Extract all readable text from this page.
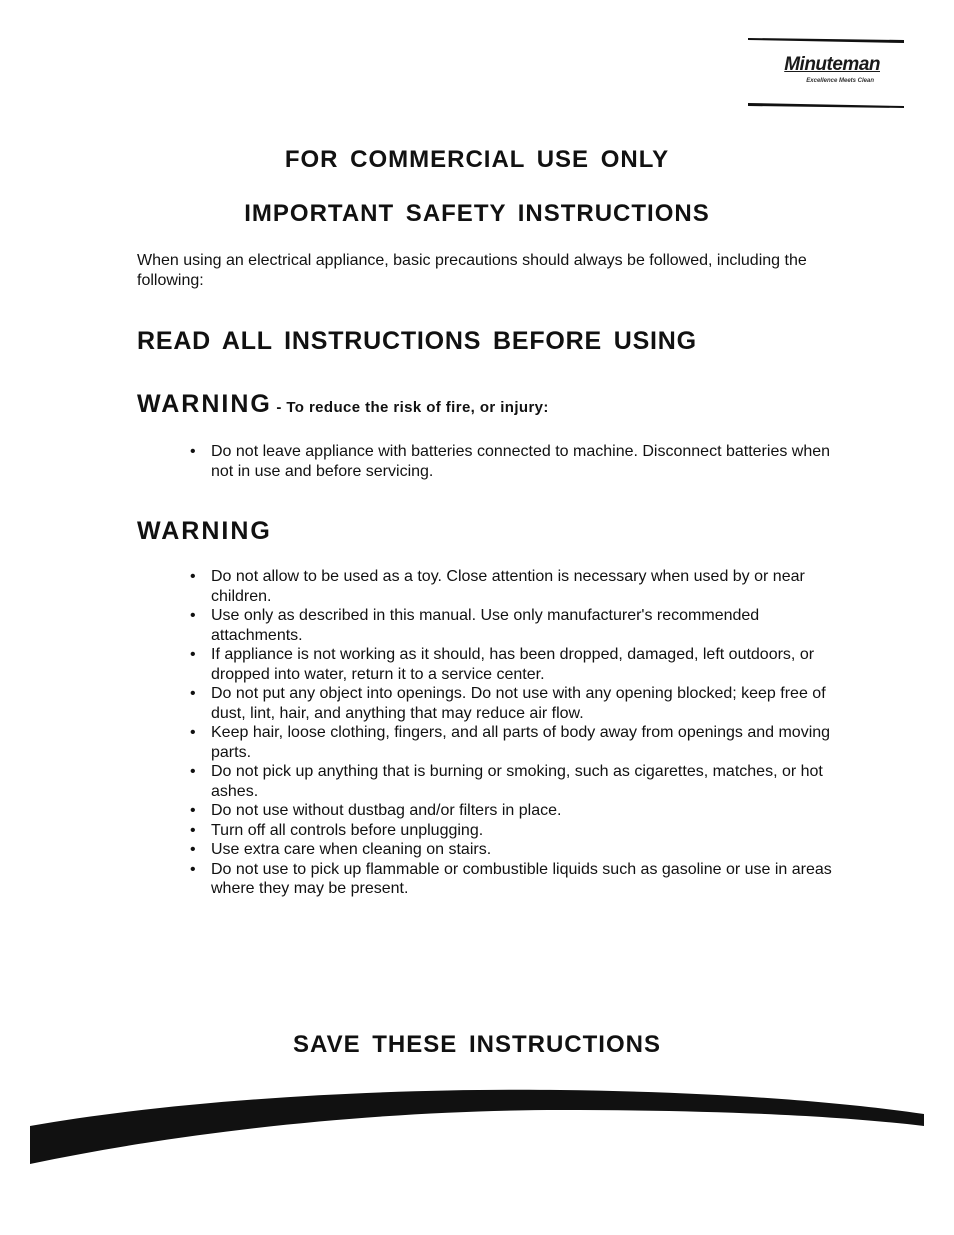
Minuteman
Excellence Meets Clean
FOR COMMERCIAL USE ONLY
IMPORTANT SAFETY INSTRUCTIONS
When using an electrical appliance, basic precautions should always be followed, including the following:
READ ALL INSTRUCTIONS BEFORE USING
WARNING - To reduce the risk of fire, or injury:
• Do not leave appliance with batteries connected to machine. Disconnect batteries when not in use and before servicing.
WARNING
• Do not allow to be used as a toy. Close attention is necessary when used by or near children.
• Use only as described in this manual. Use only manufacturer's recommended attachments.
• If appliance is not working as it should, has been dropped, damaged, left outdoors, or dropped into water, return it to a service center.
• Do not put any object into openings. Do not use with any opening blocked; keep free of dust, lint, hair, and anything that may reduce air flow.
• Keep hair, loose clothing, fingers, and all parts of body away from openings and moving parts.
• Do not pick up anything that is burning or smoking, such as cigarettes, matches, or hot ashes.
• Do not use without dustbag and/or filters in place.
• Turn off all controls before unplugging.
• Use extra care when cleaning on stairs.
• Do not use to pick up flammable or combustible liquids such as gasoline or use in areas where they may be present.
SAVE THESE INSTRUCTIONS
